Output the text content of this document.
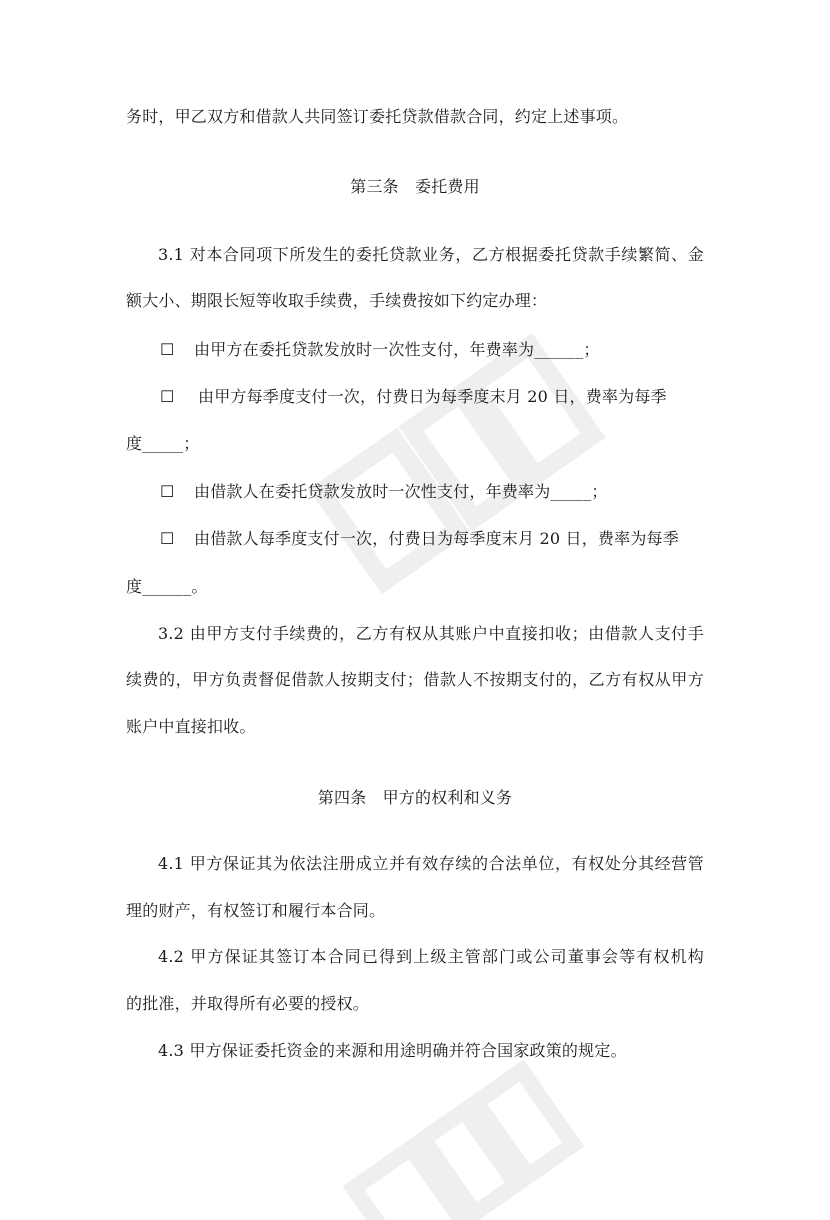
务时，甲乙双方和借款人共同签订委托贷款借款合同，约定上述事项。
第三条　委托费用
3.1 对本合同项下所发生的委托贷款业务，乙方根据委托贷款手续繁简、金
额大小、期限长短等收取手续费，手续费按如下约定办理：
☐ 由甲方在委托贷款发放时一次性支付，年费率为______；
☐ 由甲方每季度支付一次，付费日为每季度末月 20 日，费率为每季
度_____；
☐ 由借款人在委托贷款发放时一次性支付，年费率为_____；
☐ 由借款人每季度支付一次，付费日为每季度末月 20 日，费率为每季
度______。
3.2 由甲方支付手续费的，乙方有权从其账户中直接扣收；由借款人支付手
续费的，甲方负责督促借款人按期支付；借款人不按期支付的，乙方有权从甲方
账户中直接扣收。
第四条　甲方的权利和义务
4.1 甲方保证其为依法注册成立并有效存续的合法单位，有权处分其经营管
理的财产，有权签订和履行本合同。
4.2 甲方保证其签订本合同已得到上级主管部门或公司董事会等有权机构
的批准，并取得所有必要的授权。
4.3 甲方保证委托资金的来源和用途明确并符合国家政策的规定。
